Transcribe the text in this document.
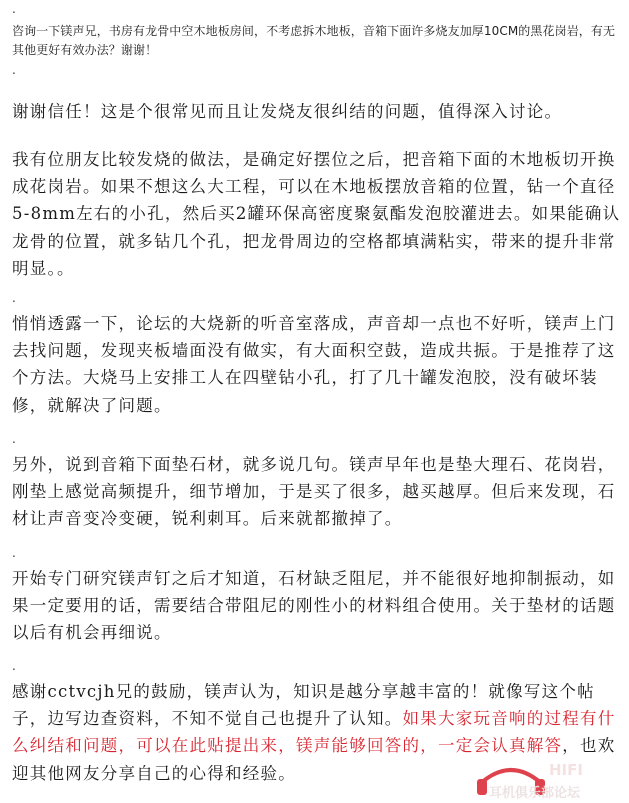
.
咨询一下镁声兄，书房有龙骨中空木地板房间，不考虑拆木地板，音箱下面许多烧友加厚10CM的黑花岗岩，有无其他更好有效办法？谢谢！
.
谢谢信任！这是个很常见而且让发烧友很纠结的问题，值得深入讨论。
我有位朋友比较发烧的做法，是确定好摆位之后，把音箱下面的木地板切开换成花岗岩。如果不想这么大工程，可以在木地板摆放音箱的位置，钻一个直径5-8mm左右的小孔，然后买2罐环保高密度聚氨酯发泡胶灌进去。如果能确认龙骨的位置，就多钻几个孔，把龙骨周边的空格都填满粘实，带来的提升非常明显。。
.
悄悄透露一下，论坛的大烧新的听音室落成，声音却一点也不好听，镁声上门去找问题，发现夹板墙面没有做实，有大面积空鼓，造成共振。于是推荐了这个方法。大烧马上安排工人在四壁钻小孔，打了几十罐发泡胶，没有破坏装修，就解决了问题。
.
另外，说到音箱下面垫石材，就多说几句。镁声早年也是垫大理石、花岗岩，刚垫上感觉高频提升，细节增加，于是买了很多，越买越厚。但后来发现，石材让声音变冷变硬，锐利刺耳。后来就都撤掉了。
.
开始专门研究镁声钉之后才知道，石材缺乏阻尼，并不能很好地抑制振动，如果一定要用的话，需要结合带阻尼的刚性小的材料组合使用。关于垫材的话题以后有机会再细说。
.
感谢cctvcjh兄的鼓励，镁声认为，知识是越分享越丰富的！就像写这个帖子，边写边查资料，不知不觉自己也提升了认知。如果大家玩音响的过程有什么纠结和问题，可以在此贴提出来，镁声能够回答的，一定会认真解答，也欢迎其他网友分享自己的心得和经验。	HIFI
耳机俱乐部论坛
